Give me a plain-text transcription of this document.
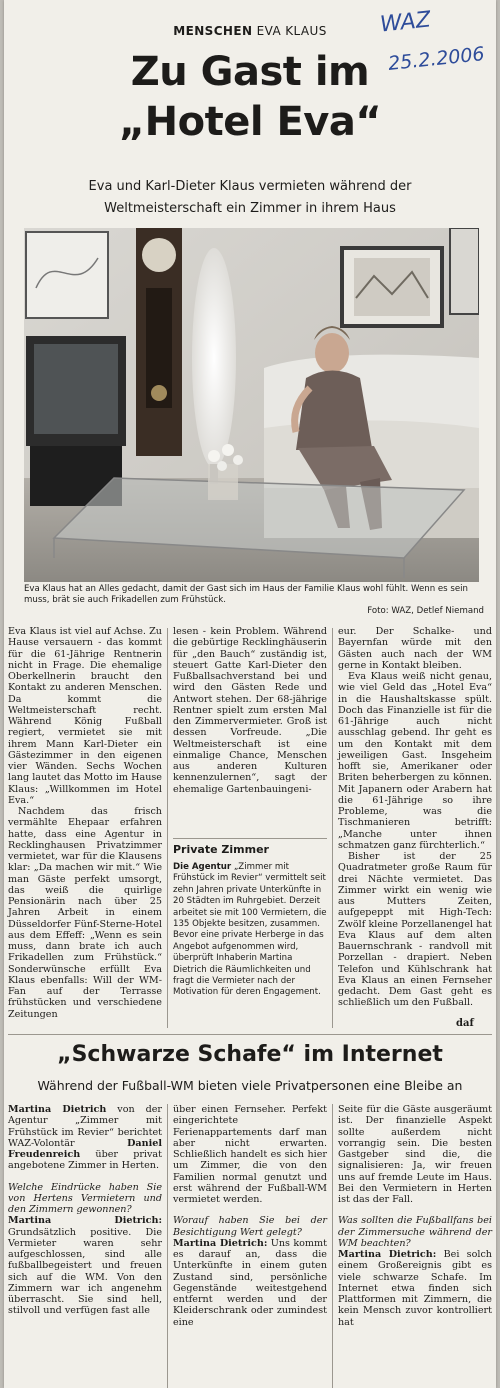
WAZ
25.2.2006
MENSCHEN EVA KLAUS
Zu Gast im
„Hotel Eva“
Eva und Karl-Dieter Klaus vermieten während der
Weltmeisterschaft ein Zimmer in ihrem Haus
Eva Klaus hat an Alles gedacht, damit der Gast sich im Haus der Familie Klaus wohl fühlt. Wenn es sein muss, brät sie auch Frikadellen zum Frühstück.
Foto: WAZ, Detlef Niemand

Eva Klaus ist viel auf Achse. Zu Hause versauern - das kommt für die 61-Jährige Rentnerin nicht in Frage. Die ehemalige Oberkellnerin braucht den Kontakt zu anderen Menschen. Da kommt die Weltmeisterschaft recht. Während König Fußball regiert, vermietet sie mit ihrem Mann Karl-Dieter ein Gästezimmer in den eigenen vier Wänden. Sechs Wochen lang lautet das Motto im Hause Klaus: „Willkommen im Hotel Eva.“

Nachdem das frisch vermählte Ehepaar erfahren hatte, dass eine Agentur in Recklinghausen Privatzimmer vermietet, war für die Klausens klar: „Da machen wir mit.“ Wie man Gäste perfekt umsorgt, das weiß die quirlige Pensionärin nach über 25 Jahren Arbeit in einem Düsseldorfer Fünf-Sterne-Hotel aus dem Effeff: „Wenn es sein muss, dann brate ich auch Frikadellen zum Frühstück.“ Sonderwünsche erfüllt Eva Klaus ebenfalls: Will der WM-Fan auf der Terrasse frühstücken und verschiedene Zeitungen

lesen - kein Problem. Während die gebürtige Recklinghäuserin für „den Bauch“ zuständig ist, steuert Gatte Karl-Dieter den Fußballsachverstand bei und wird den Gästen Rede und Antwort stehen. Der 68-jährige Rentner spielt zum ersten Mal den Zimmervermieter. Groß ist dessen Vorfreude. „Die Weltmeisterschaft ist eine einmalige Chance, Menschen aus anderen Kulturen kennenzulernen“, sagt der ehemalige Gartenbauingeni-

Private Zimmer
Die Agentur „Zimmer mit Frühstück im Revier“ vermittelt seit zehn Jahren private Unterkünfte in 20 Städten im Ruhrgebiet. Derzeit arbeitet sie mit 100 Vermietern, die 135 Objekte besitzen, zusammen. Bevor eine private Herberge in das Angebot aufgenommen wird, überprüft Inhaberin Martina Dietrich die Räumlichkeiten und fragt die Vermieter nach der Motivation für deren Engagement.

eur. Der Schalke- und Bayernfan würde mit den Gästen auch nach der WM gerne in Kontakt bleiben.

Eva Klaus weiß nicht genau, wie viel Geld das „Hotel Eva“ in die Haushaltskasse spült. Doch das Finanzielle ist für die 61-Jährige auch nicht ausschlag gebend. Ihr geht es um den Kontakt mit dem jeweiligen Gast. Insgeheim hofft sie, Amerikaner oder Briten beherbergen zu können. Mit Japanern oder Arabern hat die 61-Jährige so ihre Probleme, was die Tischmanieren betrifft: „Manche unter ihnen schmatzen ganz fürchterlich.“

Bisher ist der 25 Quadratmeter große Raum für drei Nächte vermietet. Das Zimmer wirkt ein wenig wie aus Mutters Zeiten, aufgepeppt mit High-Tech: Zwölf kleine Porzellanengel hat Eva Klaus auf dem alten Bauernschrank - randvoll mit Porzellan - drapiert. Neben Telefon und Kühlschrank hat Eva Klaus an einen Fernseher gedacht. Dem Gast geht es schließlich um den Fußball.

daf
„Schwarze Schafe“ im Internet
Während der Fußball-WM bieten viele Privatpersonen eine Bleibe an

Martina Dietrich von der Agentur „Zimmer mit Frühstück im Revier“ berichtet WAZ-Volontär Daniel Freudenreich über privat angebotene Zimmer in Herten.

Welche Eindrücke haben Sie von Hertens Vermietern und den Zimmern gewonnen?

Martina Dietrich: Grundsätzlich positive. Die Vermieter waren sehr aufgeschlossen, sind alle fußballbegeistert und freuen sich auf die WM. Von den Zimmern war ich angenehm überrascht. Sie sind hell, stilvoll und verfügen fast alle

über einen Fernseher. Perfekt eingerichtete Ferienappartements darf man aber nicht erwarten. Schließlich handelt es sich hier um Zimmer, die von den Familien normal genutzt und erst während der Fußball-WM vermietet werden.

Worauf haben Sie bei der Besichtigung Wert gelegt?

Martina Dietrich: Uns kommt es darauf an, dass die Unterkünfte in einem guten Zustand sind, persönliche Gegenstände weitestgehend entfernt werden und der Kleiderschrank oder zumindest eine

Seite für die Gäste ausgeräumt ist. Der finanzielle Aspekt sollte außerdem nicht vorrangig sein. Die besten Gastgeber sind die, die signalisieren: Ja, wir freuen uns auf fremde Leute im Haus. Bei den Vermietern in Herten ist das der Fall.

Was sollten die Fußballfans bei der Zimmersuche während der WM beachten?

Martina Dietrich: Bei solch einem Großereignis gibt es viele schwarze Schafe. Im Internet etwa finden sich Plattformen mit Zimmern, die kein Mensch zuvor kontrolliert hat
